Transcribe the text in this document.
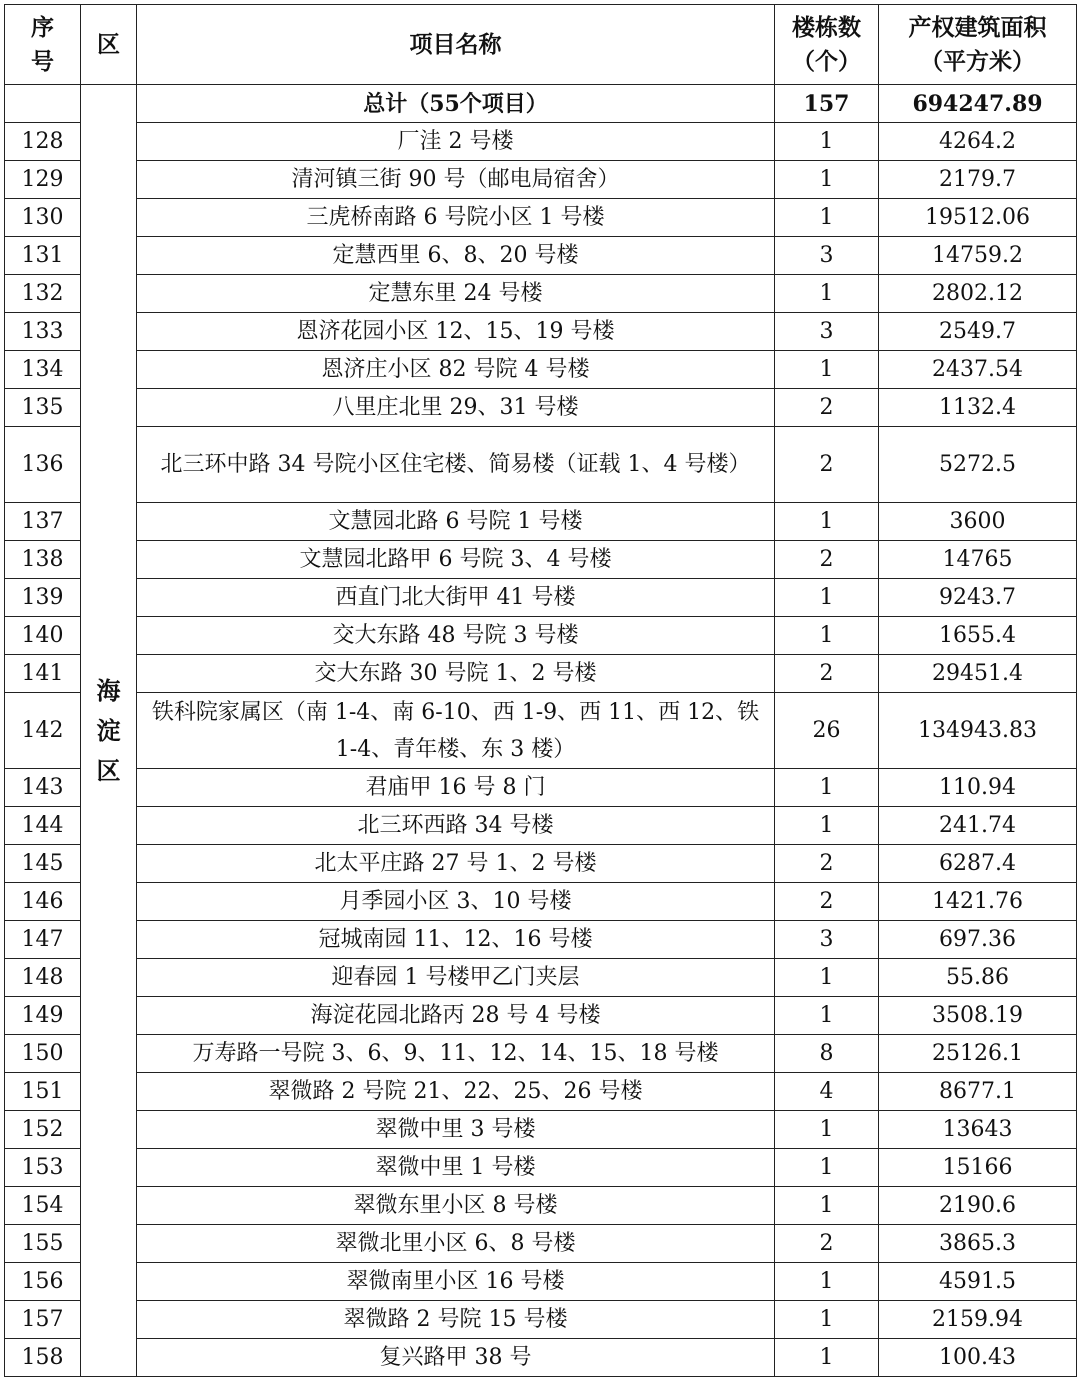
序号	区	项目名称	楼栋数（个）	产权建筑面积（平方米）
	海淀区	总计（55个项目）	157	694247.89
128		厂洼 2 号楼	1	4264.2
129		清河镇三街 90 号（邮电局宿舍）	1	2179.7
130		三虎桥南路 6 号院小区 1 号楼	1	19512.06
131		定慧西里 6、8、20 号楼	3	14759.2
132		定慧东里 24 号楼	1	2802.12
133		恩济花园小区 12、15、19 号楼	3	2549.7
134		恩济庄小区 82 号院 4 号楼	1	2437.54
135		八里庄北里 29、31 号楼	2	1132.4
136		北三环中路 34 号院小区住宅楼、简易楼（证载 1、4 号楼）	2	5272.5
137		文慧园北路 6 号院 1 号楼	1	3600
138		文慧园北路甲 6 号院 3、4 号楼	2	14765
139		西直门北大街甲 41 号楼	1	9243.7
140		交大东路 48 号院 3 号楼	1	1655.4
141		交大东路 30 号院 1、2 号楼	2	29451.4
142		铁科院家属区（南 1-4、南 6-10、西 1-9、西 11、西 12、铁 1-4、青年楼、东 3 楼）	26	134943.83
143		君庙甲 16 号 8 门	1	110.94
144		北三环西路 34 号楼	1	241.74
145		北太平庄路 27 号 1、2 号楼	2	6287.4
146		月季园小区 3、10 号楼	2	1421.76
147		冠城南园 11、12、16 号楼	3	697.36
148		迎春园 1 号楼甲乙门夹层	1	55.86
149		海淀花园北路丙 28 号 4 号楼	1	3508.19
150		万寿路一号院 3、6、9、11、12、14、15、18 号楼	8	25126.1
151		翠微路 2 号院 21、22、25、26 号楼	4	8677.1
152		翠微中里 3 号楼	1	13643
153		翠微中里 1 号楼	1	15166
154		翠微东里小区 8 号楼	1	2190.6
155		翠微北里小区 6、8 号楼	2	3865.3
156		翠微南里小区 16 号楼	1	4591.5
157		翠微路 2 号院 15 号楼	1	2159.94
158		复兴路甲 38 号	1	100.43
